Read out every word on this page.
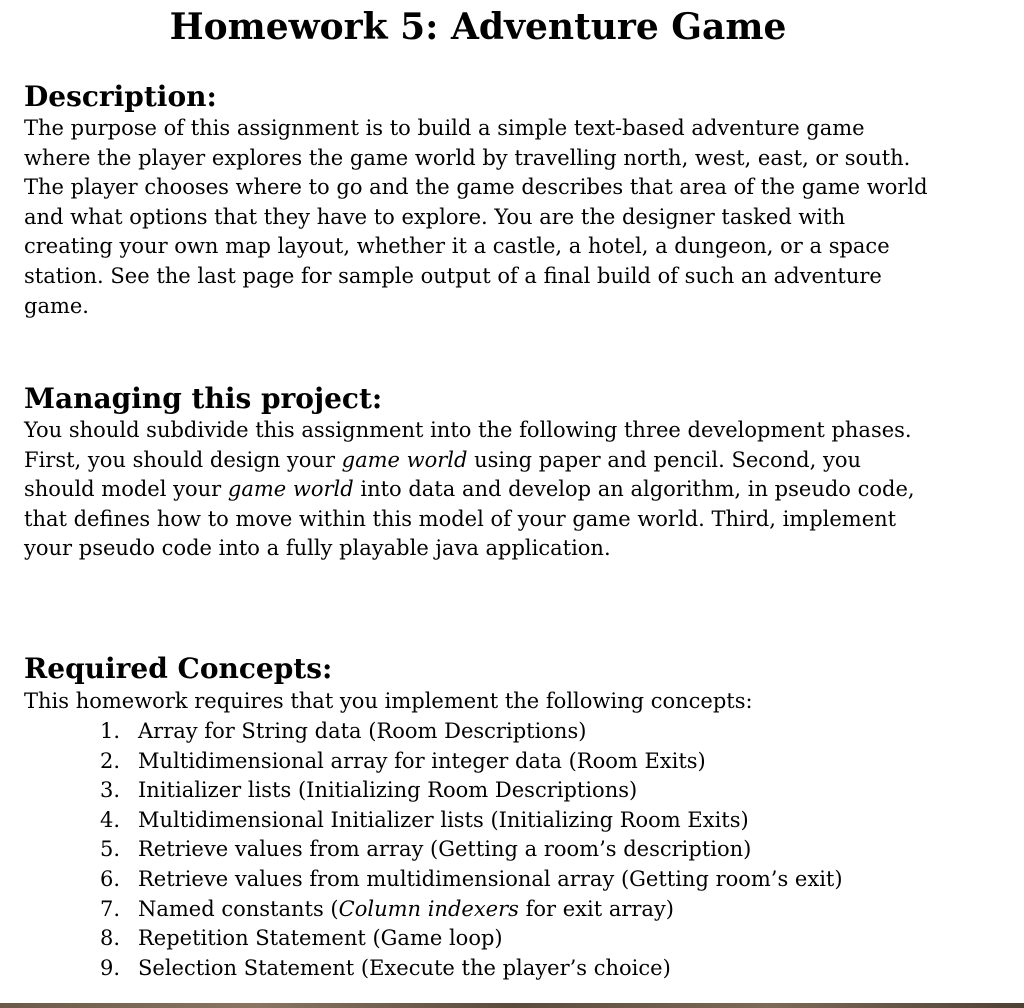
Homework 5: Adventure Game
Description:
The purpose of this assignment is to build a simple text-based adventure game
where the player explores the game world by travelling north, west, east, or south.
The player chooses where to go and the game describes that area of the game world
and what options that they have to explore. You are the designer tasked with
creating your own map layout, whether it a castle, a hotel, a dungeon, or a space
station. See the last page for sample output of a final build of such an adventure
game.
Managing this project:
You should subdivide this assignment into the following three development phases.
First, you should design your game world using paper and pencil. Second, you
should model your game world into data and develop an algorithm, in pseudo code,
that defines how to move within this model of your game world. Third, implement
your pseudo code into a fully playable java application.
Required Concepts:
This homework requires that you implement the following concepts:
1. Array for String data (Room Descriptions)
2. Multidimensional array for integer data (Room Exits)
3. Initializer lists (Initializing Room Descriptions)
4. Multidimensional Initializer lists (Initializing Room Exits)
5. Retrieve values from array (Getting a room’s description)
6. Retrieve values from multidimensional array (Getting room’s exit)
7. Named constants (Column indexers for exit array)
8. Repetition Statement (Game loop)
9. Selection Statement (Execute the player’s choice)
